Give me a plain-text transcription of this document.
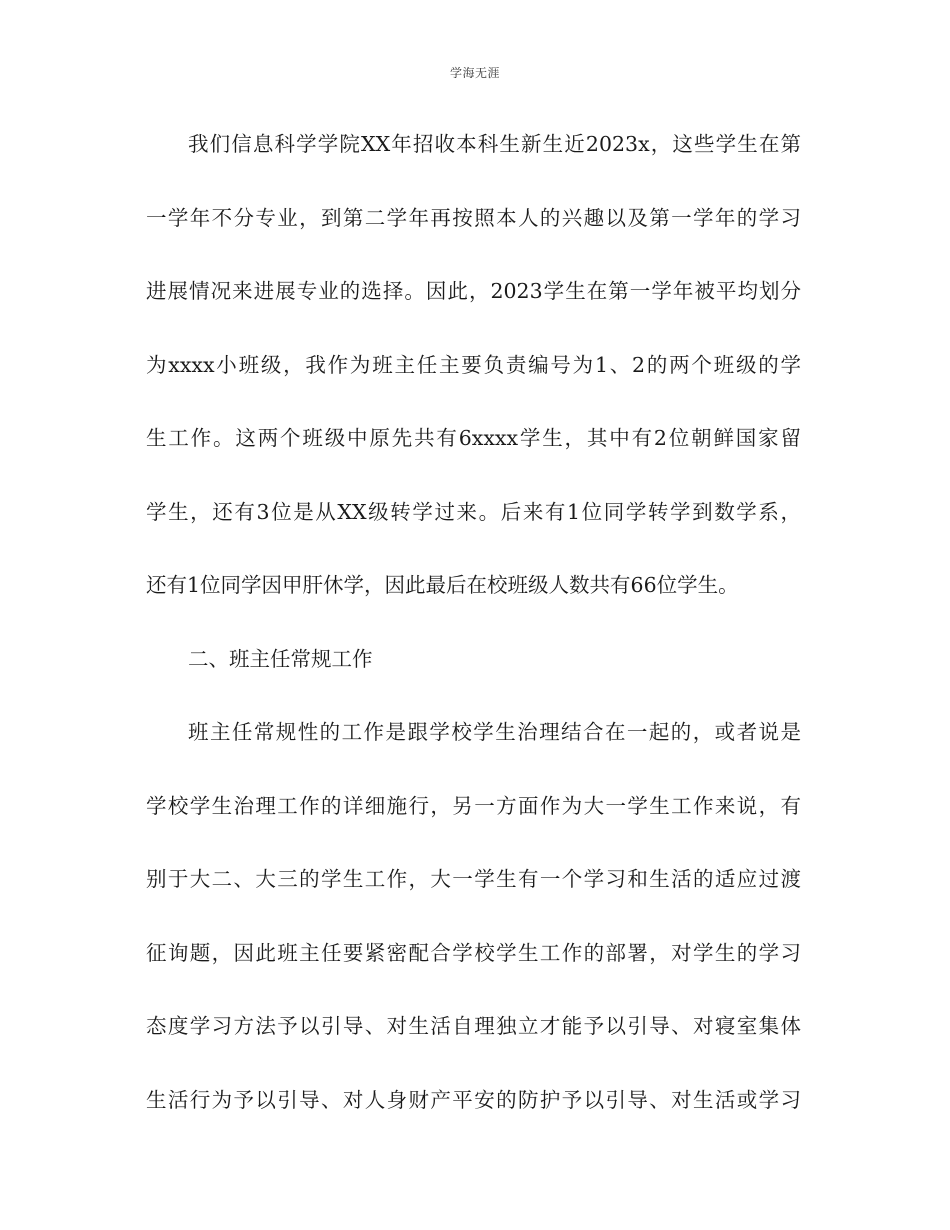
学海无涯
我们信息科学学院XX年招收本科生新生近2023x，这些学生在第
一学年不分专业，到第二学年再按照本人的兴趣以及第一学年的学习
进展情况来进展专业的选择。因此，2023学生在第一学年被平均划分
为xxxx小班级，我作为班主任主要负责编号为1、2的两个班级的学
生工作。这两个班级中原先共有6xxxx学生，其中有2位朝鲜国家留
学生，还有3位是从XX级转学过来。后来有1位同学转学到数学系，
还有1位同学因甲肝休学，因此最后在校班级人数共有66位学生。
二、班主任常规工作
班主任常规性的工作是跟学校学生治理结合在一起的，或者说是
学校学生治理工作的详细施行，另一方面作为大一学生工作来说，有
别于大二、大三的学生工作，大一学生有一个学习和生活的适应过渡
征询题，因此班主任要紧密配合学校学生工作的部署，对学生的学习
态度学习方法予以引导、对生活自理独立才能予以引导、对寝室集体
生活行为予以引导、对人身财产平安的防护予以引导、对生活或学习
